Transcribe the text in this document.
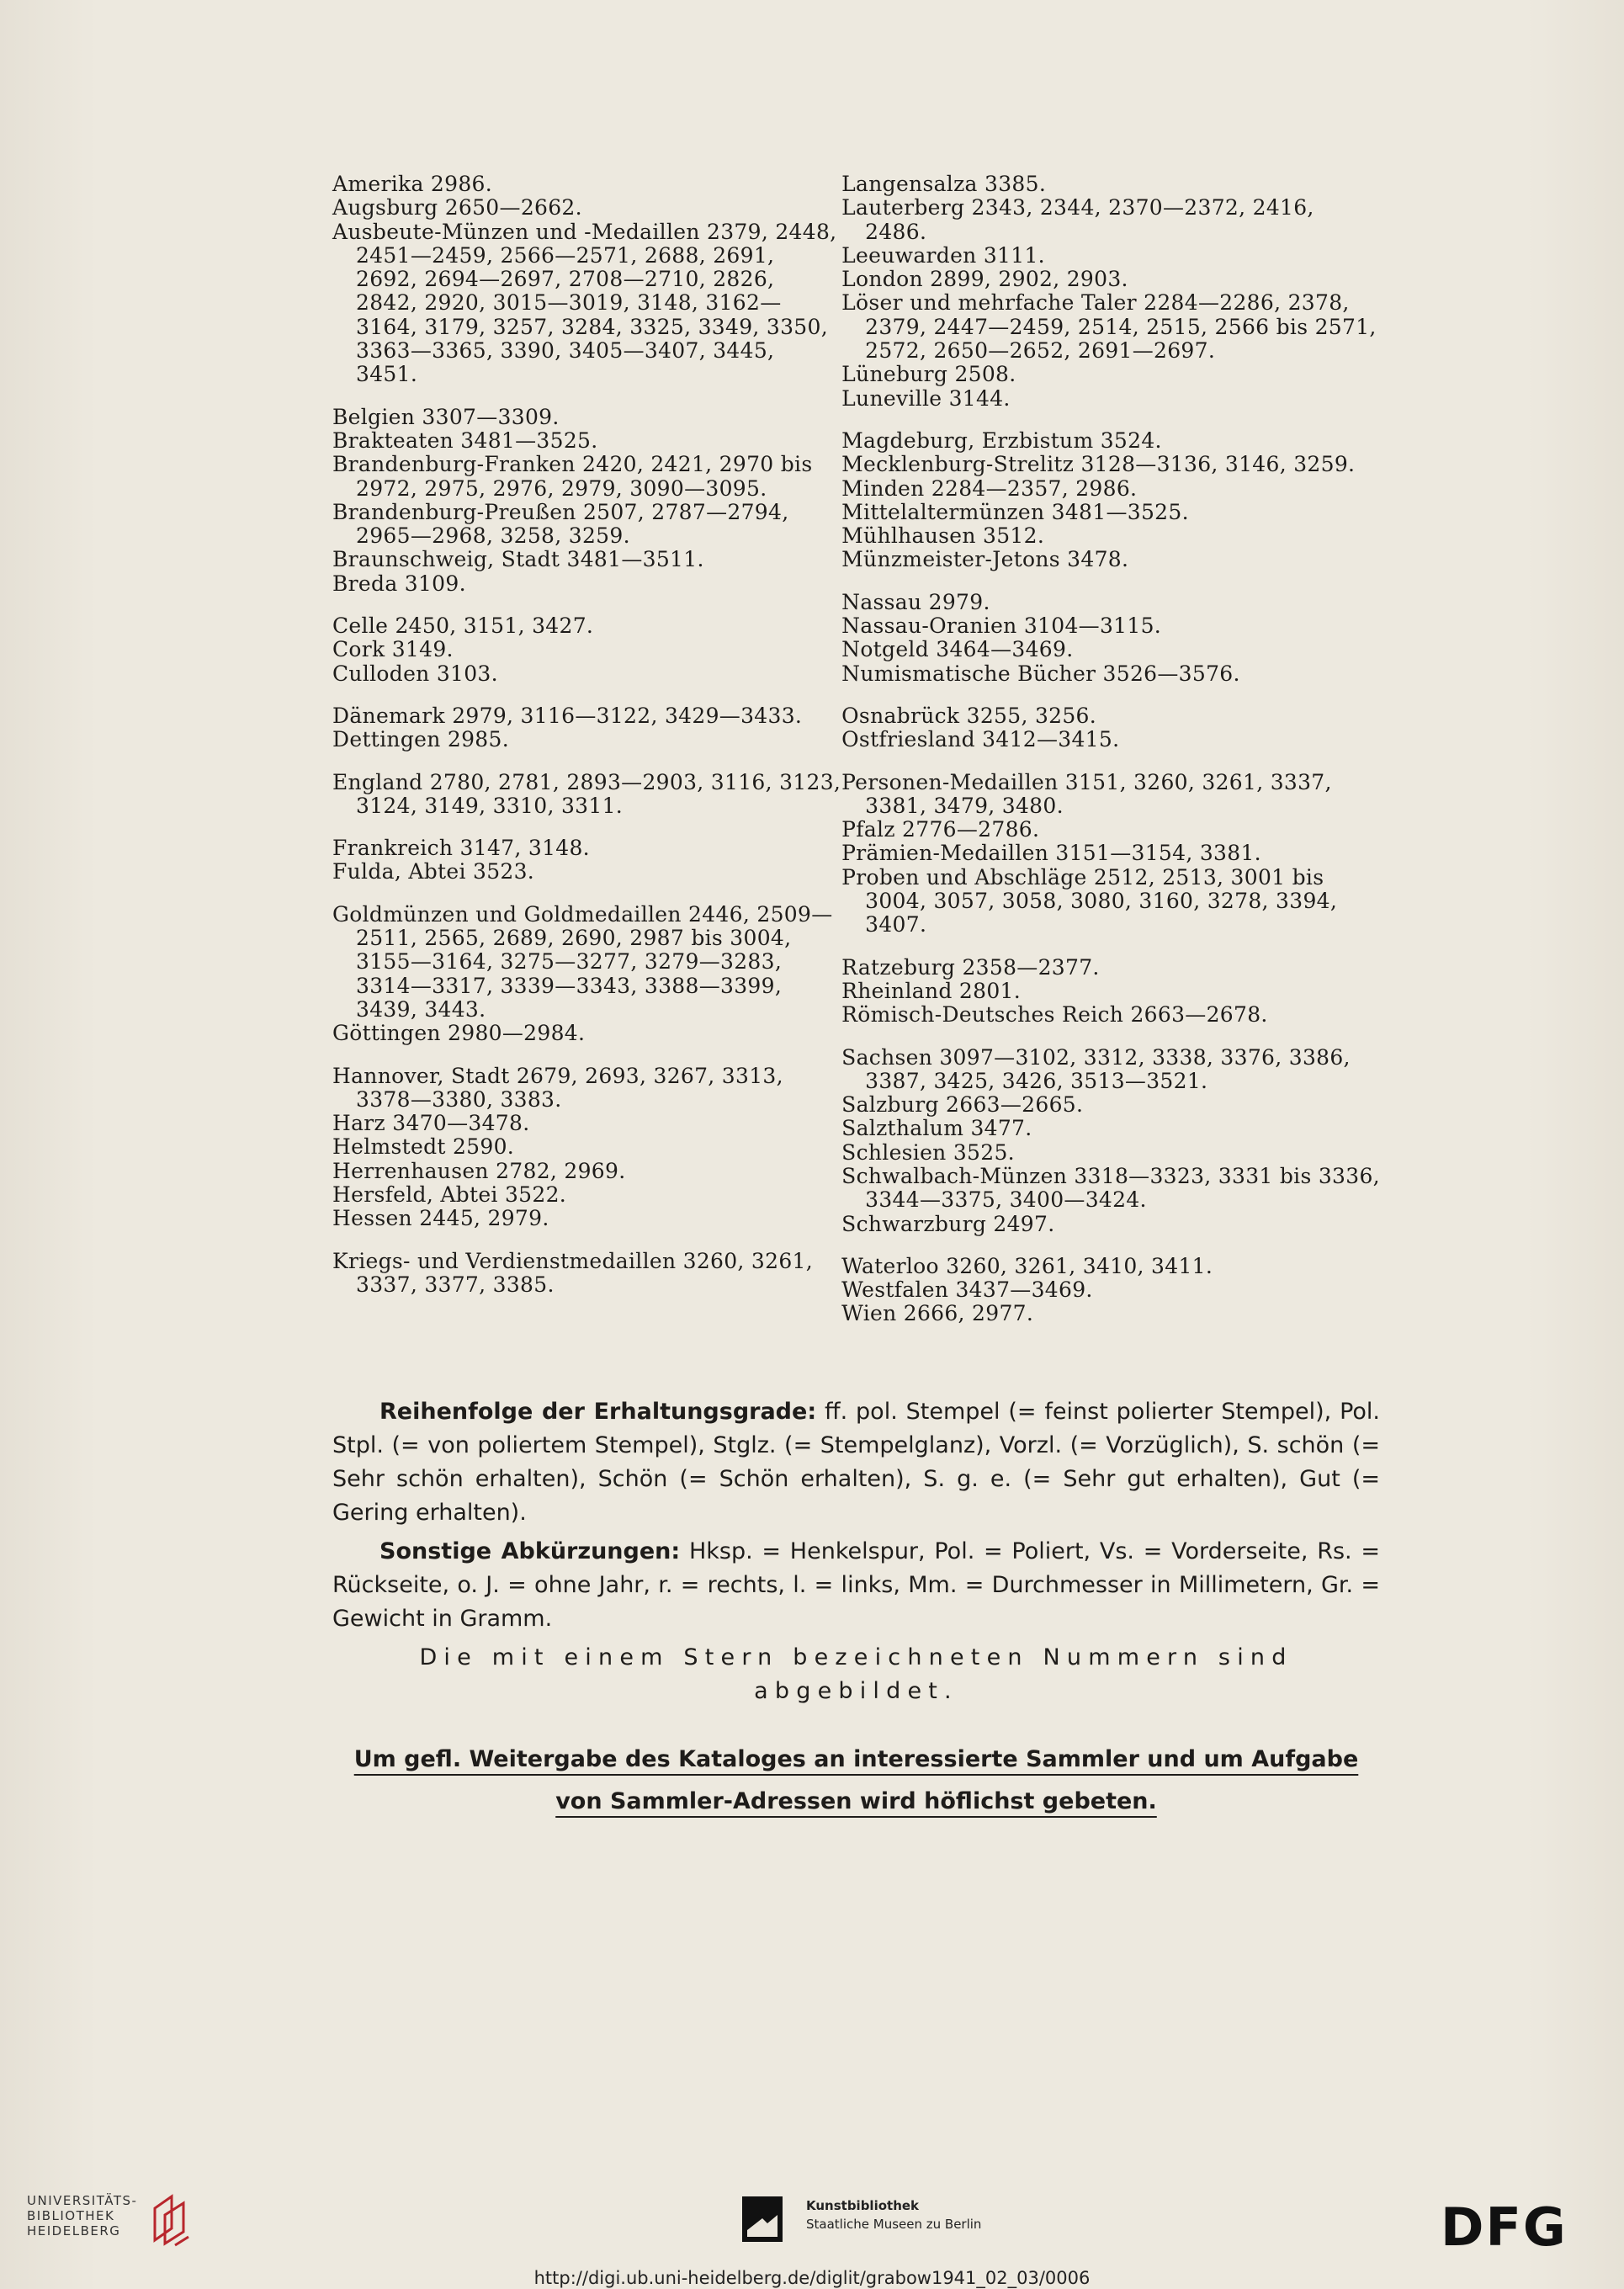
Amerika 2986.
Augsburg 2650—2662.
Ausbeute-Münzen und -Medaillen 2379, 2448, 2451—2459, 2566—2571, 2688, 2691, 2692, 2694—2697, 2708—2710, 2826, 2842, 2920, 3015—3019, 3148, 3162—3164, 3179, 3257, 3284, 3325, 3349, 3350, 3363—3365, 3390, 3405—3407, 3445, 3451.
Belgien 3307—3309.
Brakteaten 3481—3525.
Brandenburg-Franken 2420, 2421, 2970 bis 2972, 2975, 2976, 2979, 3090—3095.
Brandenburg-Preußen 2507, 2787—2794, 2965—2968, 3258, 3259.
Braunschweig, Stadt 3481—3511.
Breda 3109.
Celle 2450, 3151, 3427.
Cork 3149.
Culloden 3103.
Dänemark 2979, 3116—3122, 3429—3433.
Dettingen 2985.
England 2780, 2781, 2893—2903, 3116, 3123, 3124, 3149, 3310, 3311.
Frankreich 3147, 3148.
Fulda, Abtei 3523.
Goldmünzen und Goldmedaillen 2446, 2509—2511, 2565, 2689, 2690, 2987 bis 3004, 3155—3164, 3275—3277, 3279—3283, 3314—3317, 3339—3343, 3388—3399, 3439, 3443.
Göttingen 2980—2984.
Hannover, Stadt 2679, 2693, 3267, 3313, 3378—3380, 3383.
Harz 3470—3478.
Helmstedt 2590.
Herrenhausen 2782, 2969.
Hersfeld, Abtei 3522.
Hessen 2445, 2979.
Kriegs- und Verdienstmedaillen 3260, 3261, 3337, 3377, 3385.
Langensalza 3385.
Lauterberg 2343, 2344, 2370—2372, 2416, 2486.
Leeuwarden 3111.
London 2899, 2902, 2903.
Löser und mehrfache Taler 2284—2286, 2378, 2379, 2447—2459, 2514, 2515, 2566 bis 2571, 2572, 2650—2652, 2691—2697.
Lüneburg 2508.
Luneville 3144.
Magdeburg, Erzbistum 3524.
Mecklenburg-Strelitz 3128—3136, 3146, 3259.
Minden 2284—2357, 2986.
Mittelaltermünzen 3481—3525.
Mühlhausen 3512.
Münzmeister-Jetons 3478.
Nassau 2979.
Nassau-Oranien 3104—3115.
Notgeld 3464—3469.
Numismatische Bücher 3526—3576.
Osnabrück 3255, 3256.
Ostfriesland 3412—3415.
Personen-Medaillen 3151, 3260, 3261, 3337, 3381, 3479, 3480.
Pfalz 2776—2786.
Prämien-Medaillen 3151—3154, 3381.
Proben und Abschläge 2512, 2513, 3001 bis 3004, 3057, 3058, 3080, 3160, 3278, 3394, 3407.
Ratzeburg 2358—2377.
Rheinland 2801.
Römisch-Deutsches Reich 2663—2678.
Sachsen 3097—3102, 3312, 3338, 3376, 3386, 3387, 3425, 3426, 3513—3521.
Salzburg 2663—2665.
Salzthalum 3477.
Schlesien 3525.
Schwalbach-Münzen 3318—3323, 3331 bis 3336, 3344—3375, 3400—3424.
Schwarzburg 2497.
Waterloo 3260, 3261, 3410, 3411.
Westfalen 3437—3469.
Wien 2666, 2977.

Reihenfolge der Erhaltungsgrade: ff. pol. Stempel (= feinst polierter Stempel), Pol. Stpl. (= von poliertem Stempel), Stglz. (= Stempelglanz), Vorzl. (= Vorzüglich), S. schön (= Sehr schön erhalten), Schön (= Schön erhalten), S. g. e. (= Sehr gut erhalten), Gut (= Gering erhalten).

Sonstige Abkürzungen: Hksp. = Henkelspur, Pol. = Poliert, Vs. = Vorderseite, Rs. = Rückseite, o. J. = ohne Jahr, r. = rechts, l. = links, Mm. = Durchmesser in Millimetern, Gr. = Gewicht in Gramm.

Die mit einem Stern bezeichneten Nummern sind abgebildet.
Um gefl. Weitergabe des Kataloges an interessierte Sammler und um Aufgabe
von Sammler-Adressen wird höflichst gebeten.
UNIVERSITÄTS-
BIBLIOTHEK
HEIDELBERG
Kunstbibliothek
Staatliche Museen zu Berlin	DFG
http://digi.ub.uni-heidelberg.de/diglit/grabow1941_02_03/0006
